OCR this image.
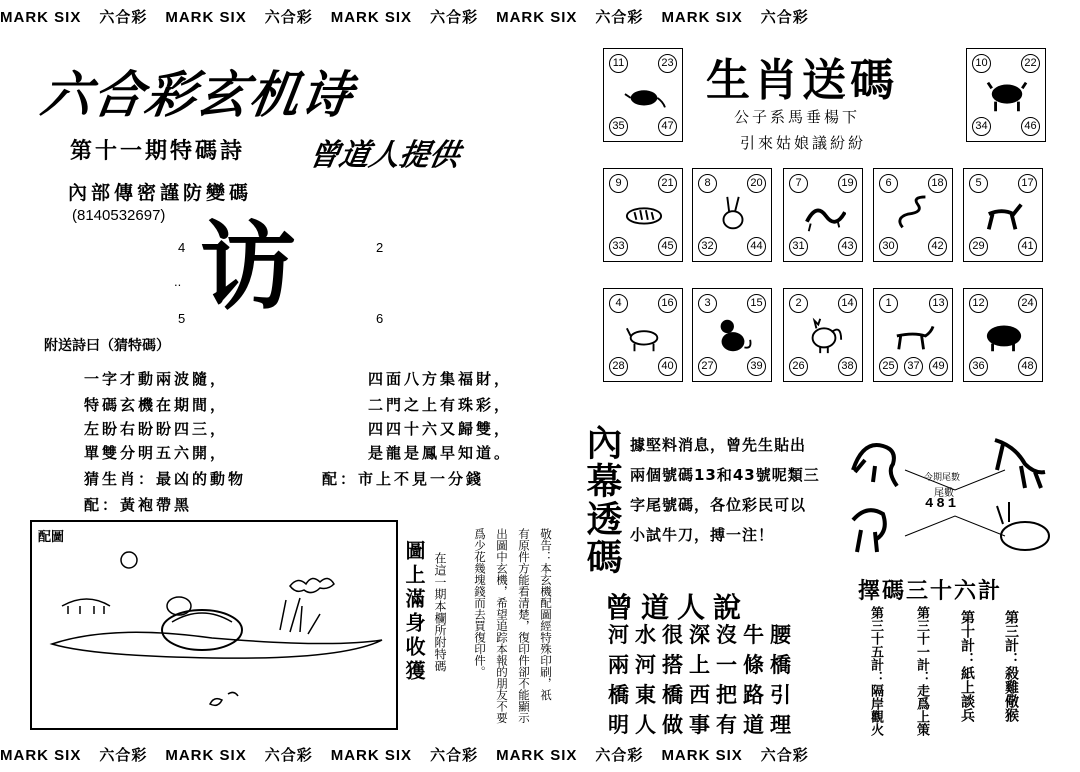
MARK SIX 六合彩 MARK SIX 六合彩 MARK SIX 六合彩 MARK SIX 六合彩 MARK SIX 六合彩
MARK SIX 六合彩 MARK SIX 六合彩 MARK SIX 六合彩 MARK SIX 六合彩 MARK SIX 六合彩
六合彩玄机诗
第十一期特碼詩 曾道人提供
內部傳密謹防變碼
(8140532697) 访
4	2
5	6
..
附送詩曰（猜特碼）
一字才動兩波隨，
特碼玄機在期間，
左盼右盼盼四三，
單雙分明五六開，
四面八方集福財，
二門之上有珠彩，
四四十六又歸雙，
是龍是鳳早知道。
猜生肖：最凶的動物	配：市上不見一分錢
配：黃袍帶黑
配圖
圖上滿身收獲 在這一期本欄所附特碼	敬告：本玄機配圖經特殊印刷，祇
有原件方能看清楚，復印件卻不能顯示
出圖中玄機，希望追踪本報的朋友不要
爲少花幾塊錢而去買復印件。
生肖送碼
公子系馬垂楊下
引來姑娘議紛紛
11	23
35	47
10	22
34	46
9	21
33	45
8	20
32	44
7	19
31	43
6	18
30	42
5	17
29	41
4	16
28	40
3	15
27	39
2	14
26	38
1	13
25	37	49
12	24
36	48
內幕透碼 據堅料消息，曾先生貼出
兩個號碼13和43號呢類三
字尾號碼，各位彩民可以
小試牛刀，搏一注！
今期尾數
尾數
481
曾道人說
河水很深沒牛腰
兩河搭上一條橋
橋東橋西把路引
明人做事有道理
擇碼三十六計
第三計：殺雞儆猴
第十計：紙上談兵
第三十一計：走爲上策
第三十五計：隔岸觀火
